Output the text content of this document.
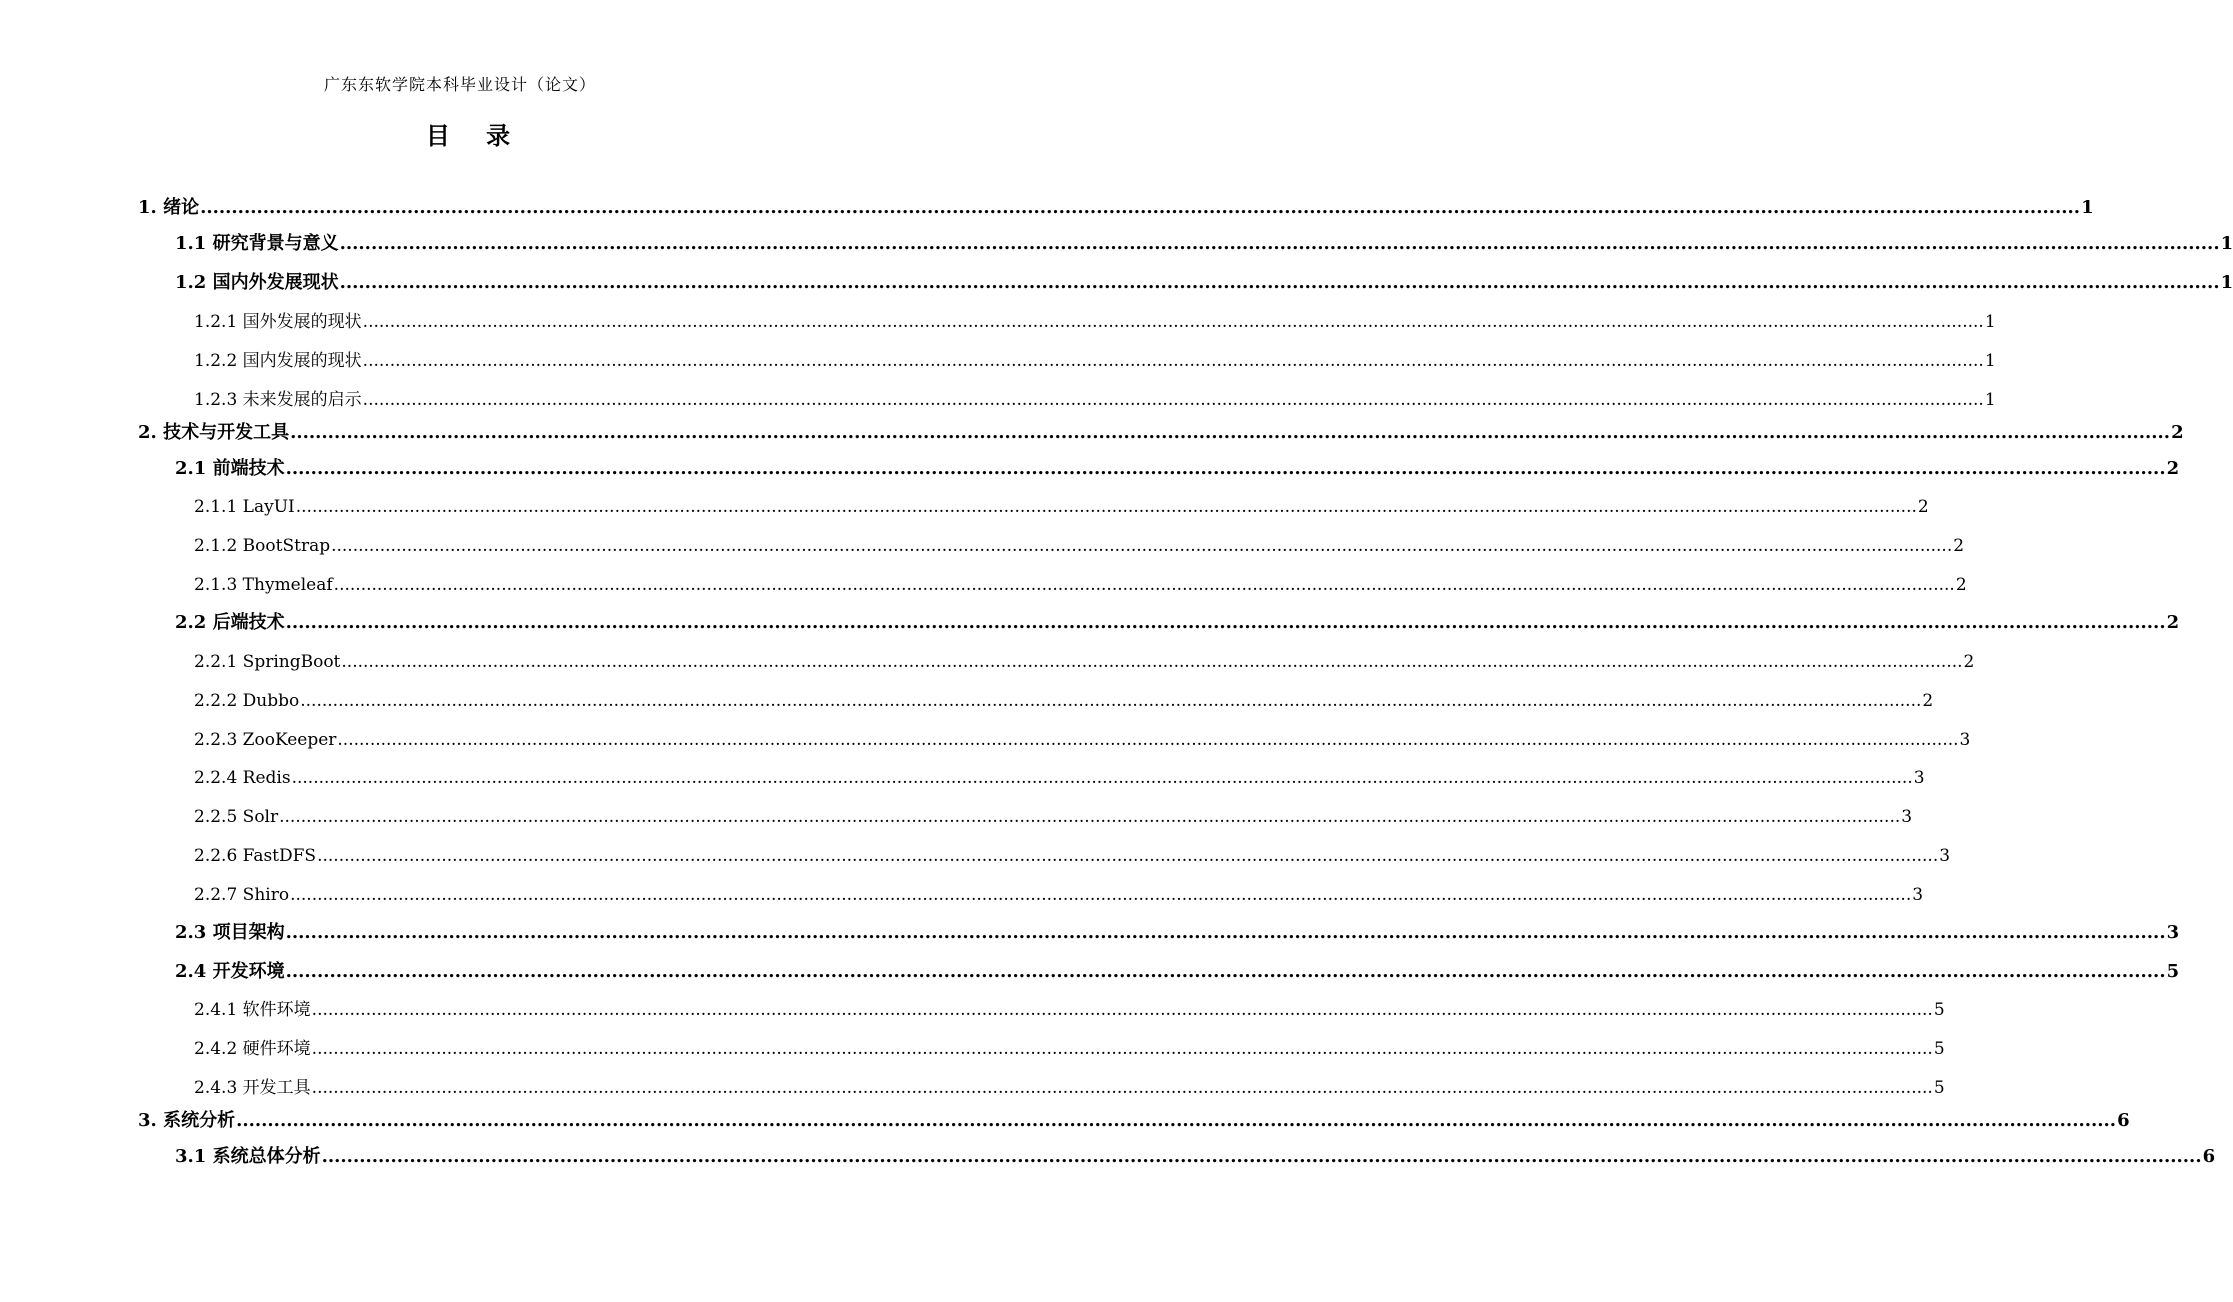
广东东软学院本科毕业设计（论文）
目 录
1. 绪论 ............................................................................................................................................................................................................................................................................................................ 1
1.1 研究背景与意义 ............................................................................................................................................................................................................................................................................................................ 1
1.2 国内外发展现状 ............................................................................................................................................................................................................................................................................................................ 1
1.2.1 国外发展的现状 ............................................................................................................................................................................................................................................................................................................ 1
1.2.2 国内发展的现状 ............................................................................................................................................................................................................................................................................................................ 1
1.2.3 未来发展的启示 ............................................................................................................................................................................................................................................................................................................ 1
2. 技术与开发工具 ............................................................................................................................................................................................................................................................................................................ 2
2.1 前端技术 ............................................................................................................................................................................................................................................................................................................ 2
2.1.1 LayUI ............................................................................................................................................................................................................................................................................................................ 2
2.1.2 BootStrap ............................................................................................................................................................................................................................................................................................................ 2
2.1.3 Thymeleaf ............................................................................................................................................................................................................................................................................................................ 2
2.2 后端技术 ............................................................................................................................................................................................................................................................................................................ 2
2.2.1 SpringBoot ............................................................................................................................................................................................................................................................................................................ 2
2.2.2 Dubbo ............................................................................................................................................................................................................................................................................................................ 2
2.2.3 ZooKeeper ............................................................................................................................................................................................................................................................................................................ 3
2.2.4 Redis ............................................................................................................................................................................................................................................................................................................ 3
2.2.5 Solr ............................................................................................................................................................................................................................................................................................................ 3
2.2.6 FastDFS ............................................................................................................................................................................................................................................................................................................ 3
2.2.7 Shiro ............................................................................................................................................................................................................................................................................................................ 3
2.3 项目架构 ............................................................................................................................................................................................................................................................................................................ 3
2.4 开发环境 ............................................................................................................................................................................................................................................................................................................ 5
2.4.1 软件环境 ............................................................................................................................................................................................................................................................................................................ 5
2.4.2 硬件环境 ............................................................................................................................................................................................................................................................................................................ 5
2.4.3 开发工具 ............................................................................................................................................................................................................................................................................................................ 5
3. 系统分析 ............................................................................................................................................................................................................................................................................................................ 6
3.1 系统总体分析 ............................................................................................................................................................................................................................................................................................................ 6
